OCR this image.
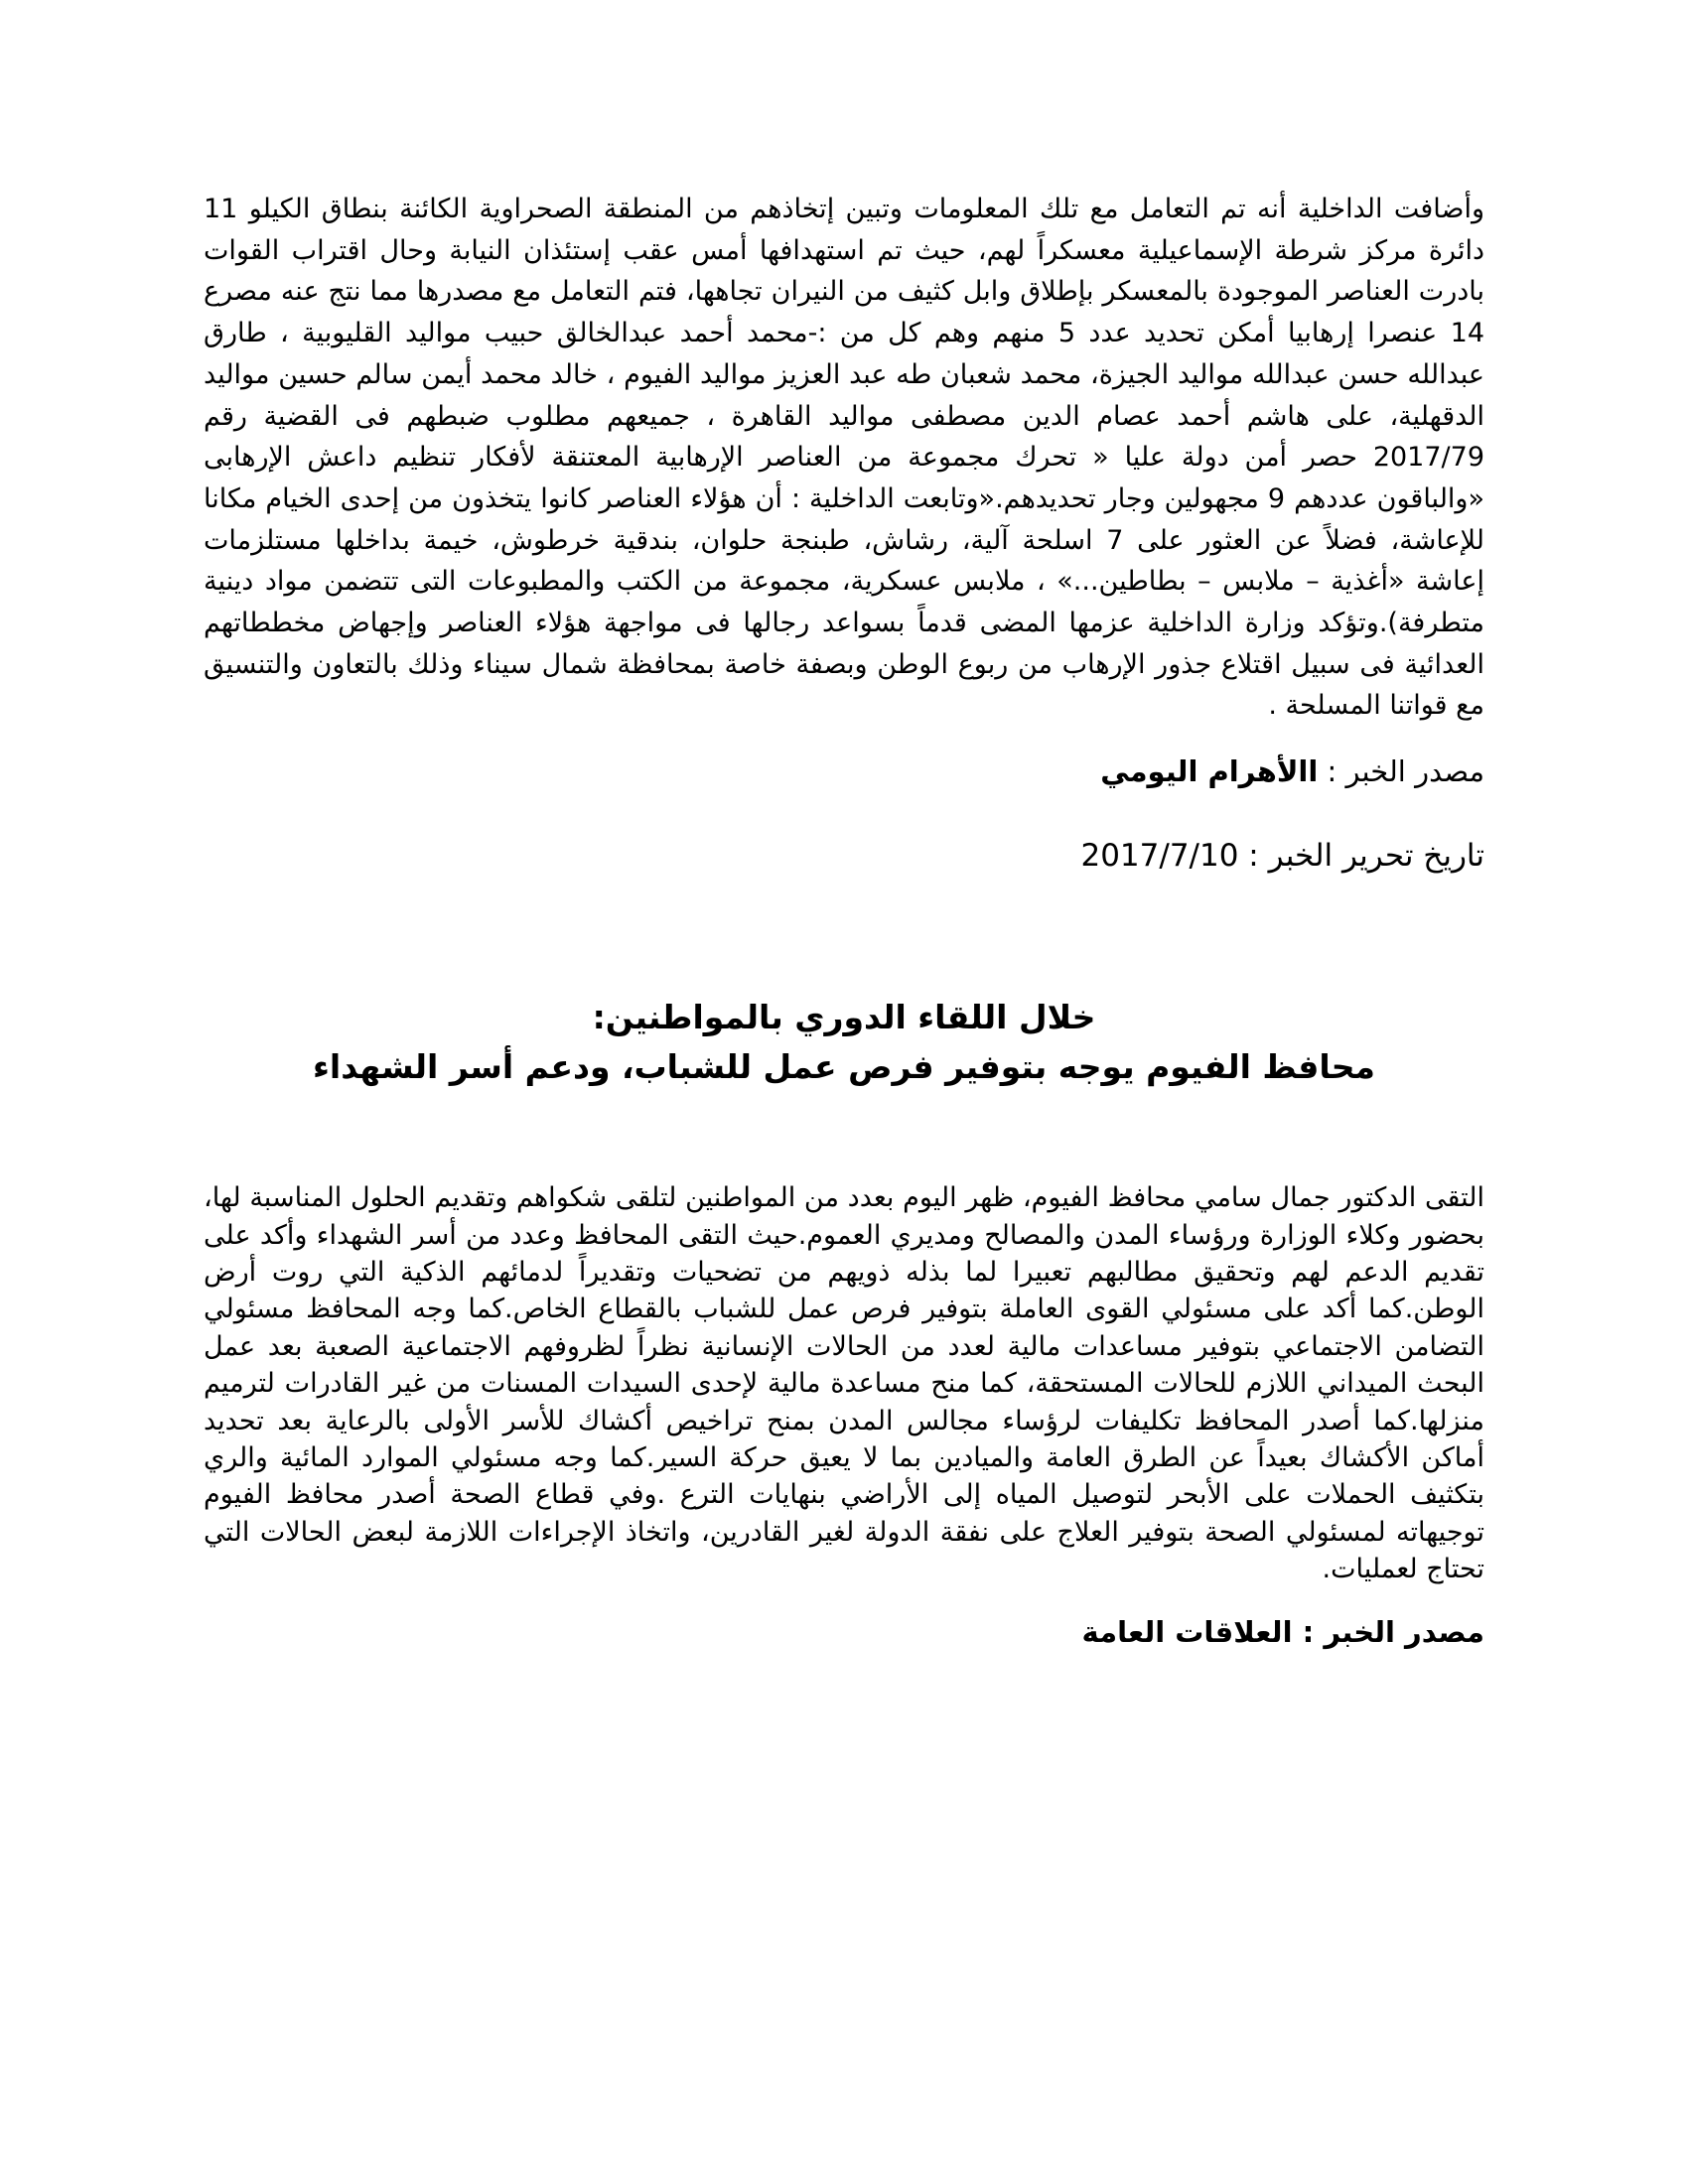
وأضافت الداخلية أنه تم التعامل مع تلك المعلومات وتبين إتخاذهم من المنطقة الصحراوية الكائنة بنطاق الكيلو 11 دائرة مركز شرطة الإسماعيلية معسكراً لهم، حيث تم استهدافها أمس عقب إستئذان النيابة وحال اقتراب القوات بادرت العناصر الموجودة بالمعسكر بإطلاق وابل كثيف من النيران تجاهها، فتم التعامل مع مصدرها مما نتج عنه مصرع 14 عنصرا إرهابيا أمكن تحديد عدد 5 منهم وهم كل من :-محمد أحمد عبدالخالق حبيب مواليد القليوبية ، طارق عبدالله حسن عبدالله مواليد الجيزة، محمد شعبان طه عبد العزيز مواليد الفيوم ، خالد محمد أيمن سالم حسين مواليد الدقهلية، على هاشم أحمد عصام الدين مصطفى مواليد القاهرة ، جميعهم مطلوب ضبطهم فى القضية رقم 2017/79 حصر أمن دولة عليا « تحرك مجموعة من العناصر الإرهابية المعتنقة لأفكار تنظيم داعش الإرهابى «والباقون عددهم 9 مجهولين وجار تحديدهم.«وتابعت الداخلية : أن هؤلاء العناصر كانوا يتخذون من إحدى الخيام مكانا للإعاشة، فضلاً عن العثور على 7 اسلحة آلية، رشاش، طبنجة حلوان، بندقية خرطوش، خيمة بداخلها مستلزمات إعاشة «أغذية – ملابس – بطاطين...» ، ملابس عسكرية، مجموعة من الكتب والمطبوعات التى تتضمن مواد دينية متطرفة).وتؤكد وزارة الداخلية عزمها المضى قدماً بسواعد رجالها فى مواجهة هؤلاء العناصر وإجهاض مخططاتهم العدائية فى سبيل اقتلاع جذور الإرهاب من ربوع الوطن وبصفة خاصة بمحافظة شمال سيناء وذلك بالتعاون والتنسيق مع قواتنا المسلحة .

مصدر الخبر : االأهرام اليومي

تاريخ تحرير الخبر : 2017/7/10

خلال اللقاء الدوري بالمواطنين:
محافظ الفيوم يوجه بتوفير فرص عمل للشباب، ودعم أسر الشهداء

التقى الدكتور جمال سامي محافظ الفيوم، ظهر اليوم بعدد من المواطنين لتلقى شكواهم وتقديم الحلول المناسبة لها، بحضور وكلاء الوزارة ورؤساء المدن والمصالح ومديري العموم.حيث التقى المحافظ وعدد من أسر الشهداء وأكد على تقديم الدعم لهم وتحقيق مطالبهم تعبيرا لما بذله ذويهم من تضحيات وتقديراً لدمائهم الذكية التي روت أرض الوطن.كما أكد على مسئولي القوى العاملة بتوفير فرص عمل للشباب بالقطاع الخاص.كما وجه المحافظ مسئولي التضامن الاجتماعي بتوفير مساعدات مالية لعدد من الحالات الإنسانية نظراً لظروفهم الاجتماعية الصعبة بعد عمل البحث الميداني اللازم للحالات المستحقة، كما منح مساعدة مالية لإحدى السيدات المسنات من غير القادرات لترميم منزلها.كما أصدر المحافظ تكليفات لرؤساء مجالس المدن بمنح تراخيص أكشاك للأسر الأولى بالرعاية بعد تحديد أماكن الأكشاك بعيداً عن الطرق العامة والميادين بما لا يعيق حركة السير.كما وجه مسئولي الموارد المائية والري بتكثيف الحملات على الأبحر لتوصيل المياه إلى الأراضي بنهايات الترع .وفي قطاع الصحة أصدر محافظ الفيوم توجيهاته لمسئولي الصحة بتوفير العلاج على نفقة الدولة لغير القادرين، واتخاذ الإجراءات اللازمة لبعض الحالات التي تحتاج لعمليات.

مصدر الخبر : العلاقات العامة
